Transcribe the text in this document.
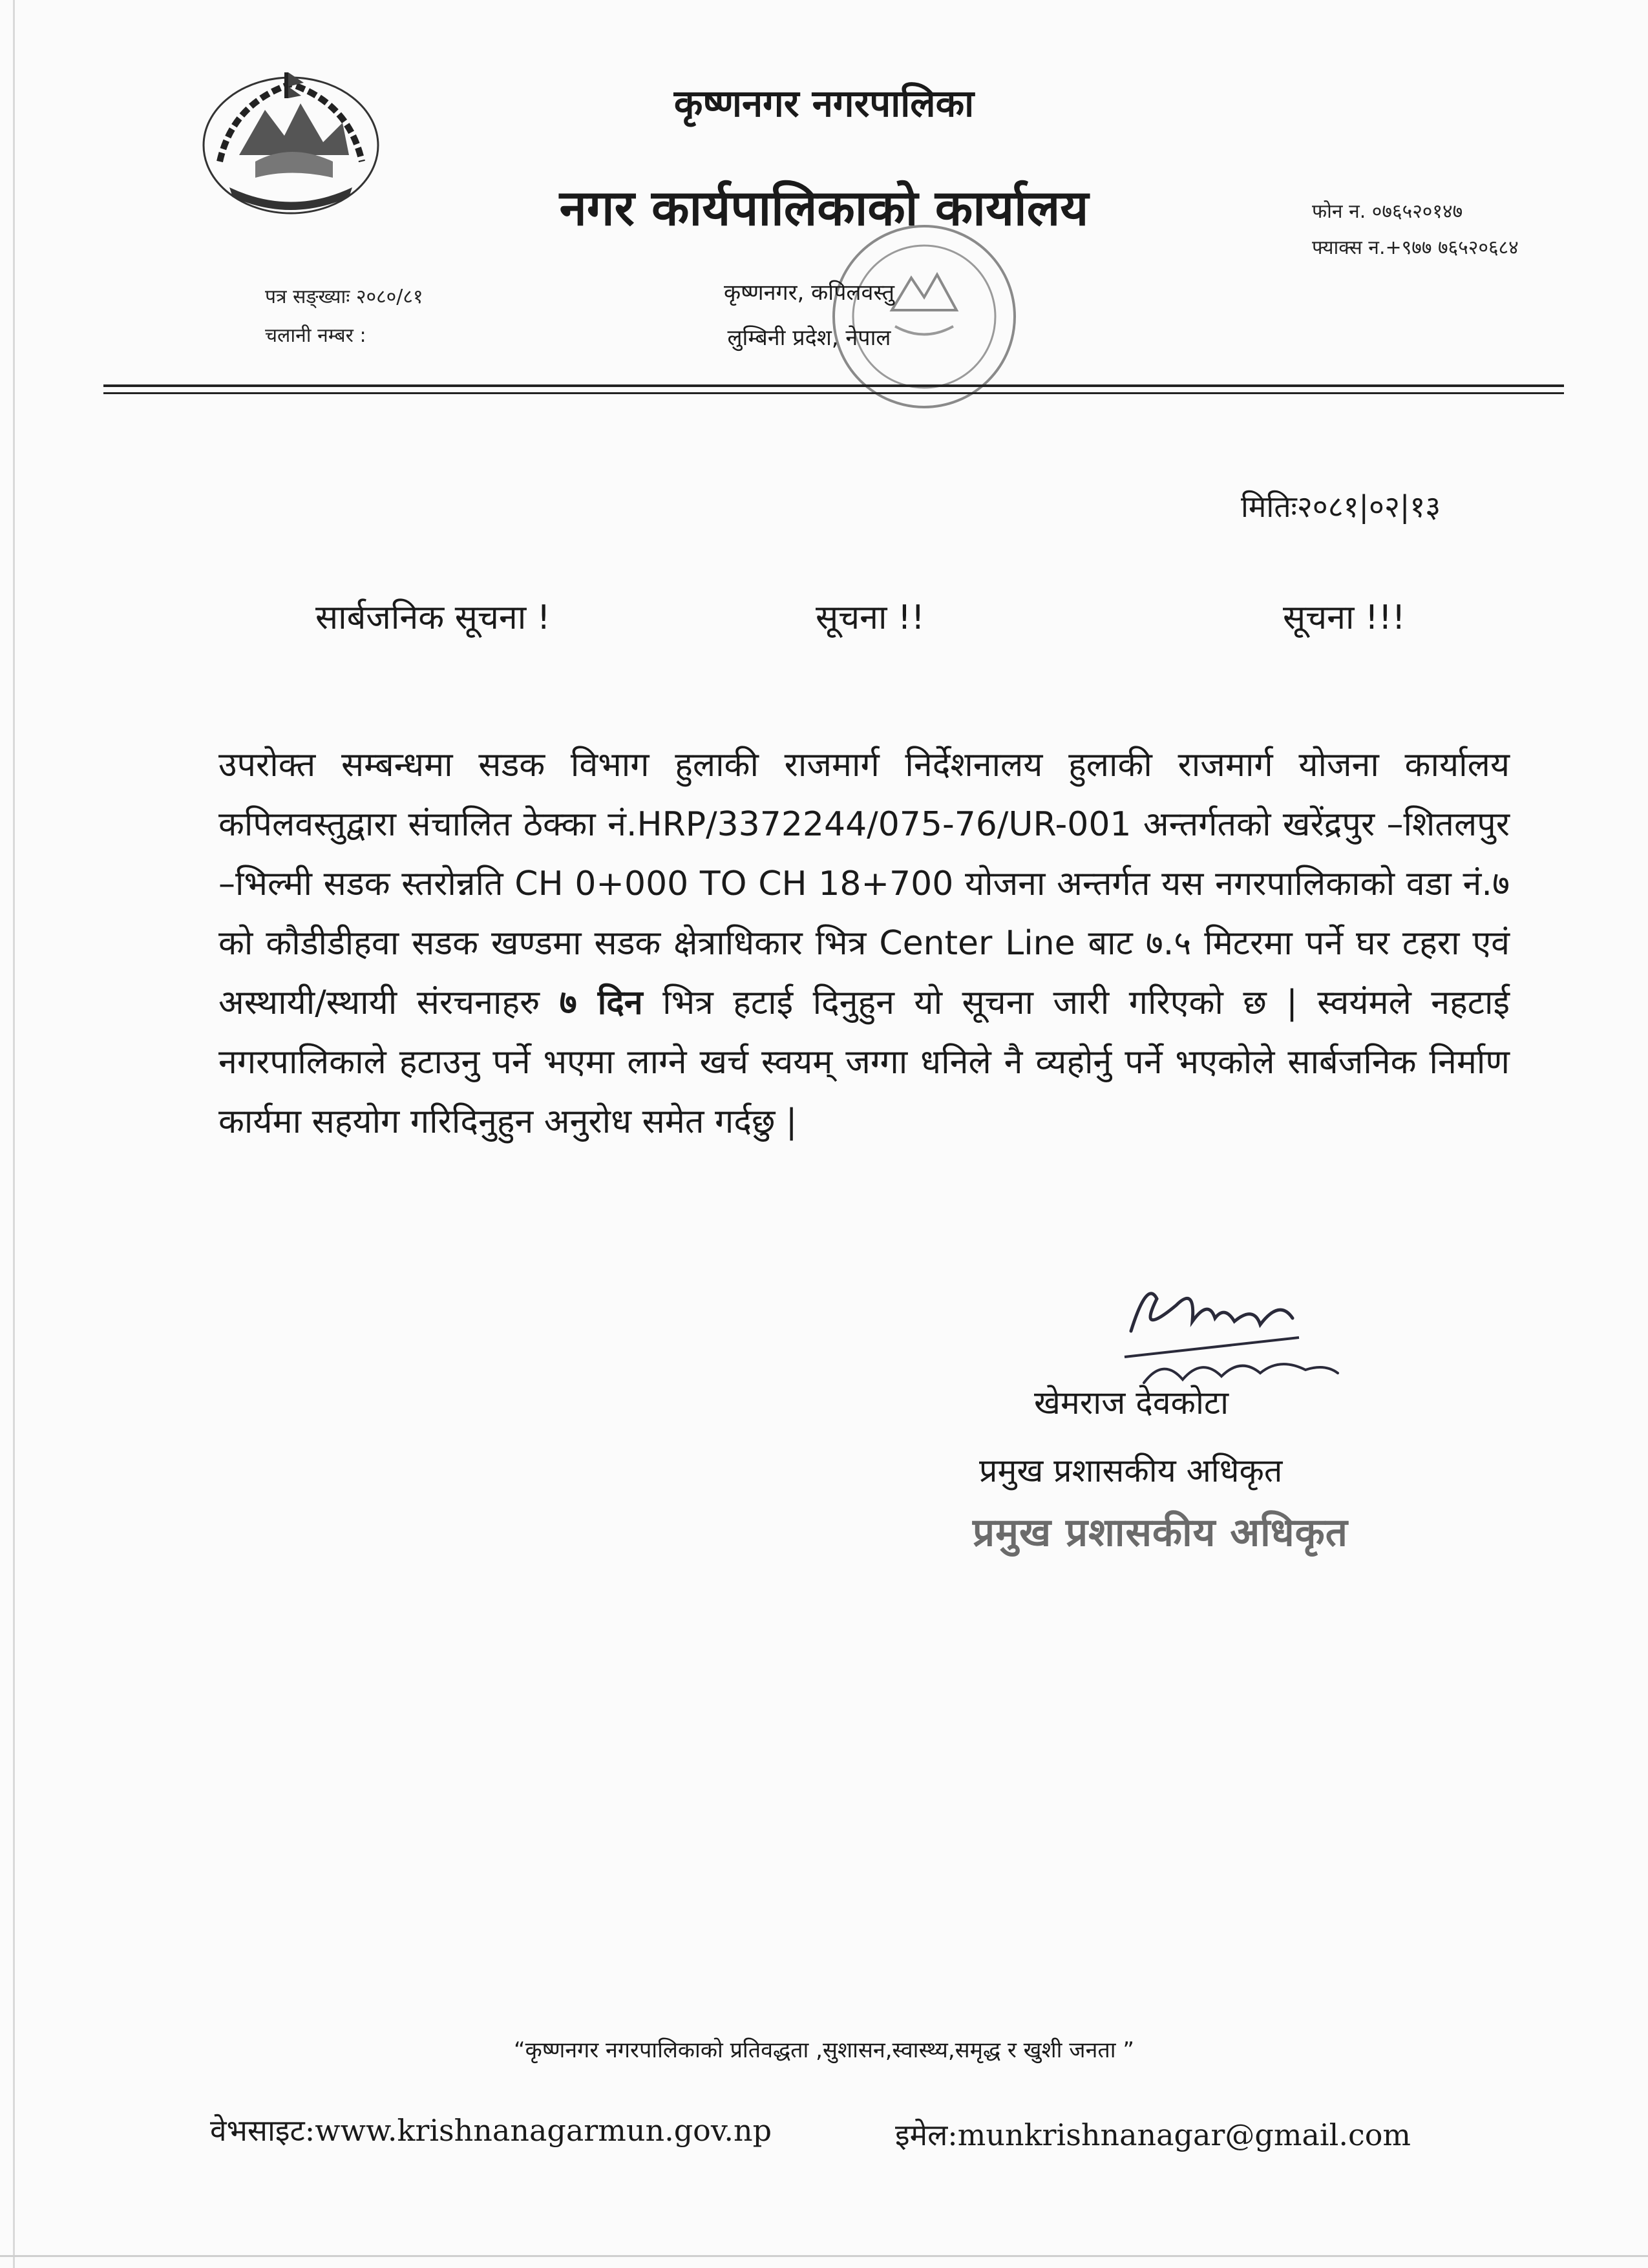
कृष्णनगर नगरपालिका
नगर कार्यपालिकाको कार्यालय	फोन न. ०७६५२०१४७
फ्याक्स न.+९७७ ७६५२०६८४
पत्र सङ्ख्याः २०८०/८१
चलानी नम्बर :
कृष्णनगर, कपिलवस्तु
लुम्बिनी प्रदेश, नेपाल
मितिः२०८१|०२|१३
सार्बजनिक सूचना !	सूचना !!	सूचना !!!
उपरोक्त सम्बन्धमा सडक विभाग हुलाकी राजमार्ग निर्देशनालय हुलाकी राजमार्ग योजना कार्यालय कपिलवस्तुद्वारा संचालित ठेक्का नं.HRP/3372244/075-76/UR-001 अन्तर्गतको खरेंद्रपुर –शितलपुर –भिल्मी सडक स्तरोन्नति CH 0+000 TO CH 18+700 योजना अन्तर्गत यस नगरपालिकाको वडा नं.७ को कौडीडीहवा सडक खण्डमा सडक क्षेत्राधिकार भित्र Center Line बाट ७.५ मिटरमा पर्ने घर टहरा एवं अस्थायी/स्थायी संरचनाहरु ७ दिन भित्र हटाई दिनुहुन यो सूचना जारी गरिएको छ | स्वयंमले नहटाई नगरपालिकाले हटाउनु पर्ने भएमा लाग्ने खर्च स्वयम् जग्गा धनिले नै व्यहोर्नु पर्ने भएकोले सार्बजनिक निर्माण कार्यमा सहयोग गरिदिनुहुन अनुरोध समेत गर्दछु |
खेमराज देवकोटा
प्रमुख प्रशासकीय अधिकृत
प्रमुख प्रशासकीय अधिकृत
“कृष्णनगर नगरपालिकाको प्रतिवद्धता ,सुशासन,स्वास्थ्य,समृद्ध र खुशी जनता ”
वेभसाइट:www.krishnanagarmun.gov.np	इमेल:munkrishnanagar@gmail.com
